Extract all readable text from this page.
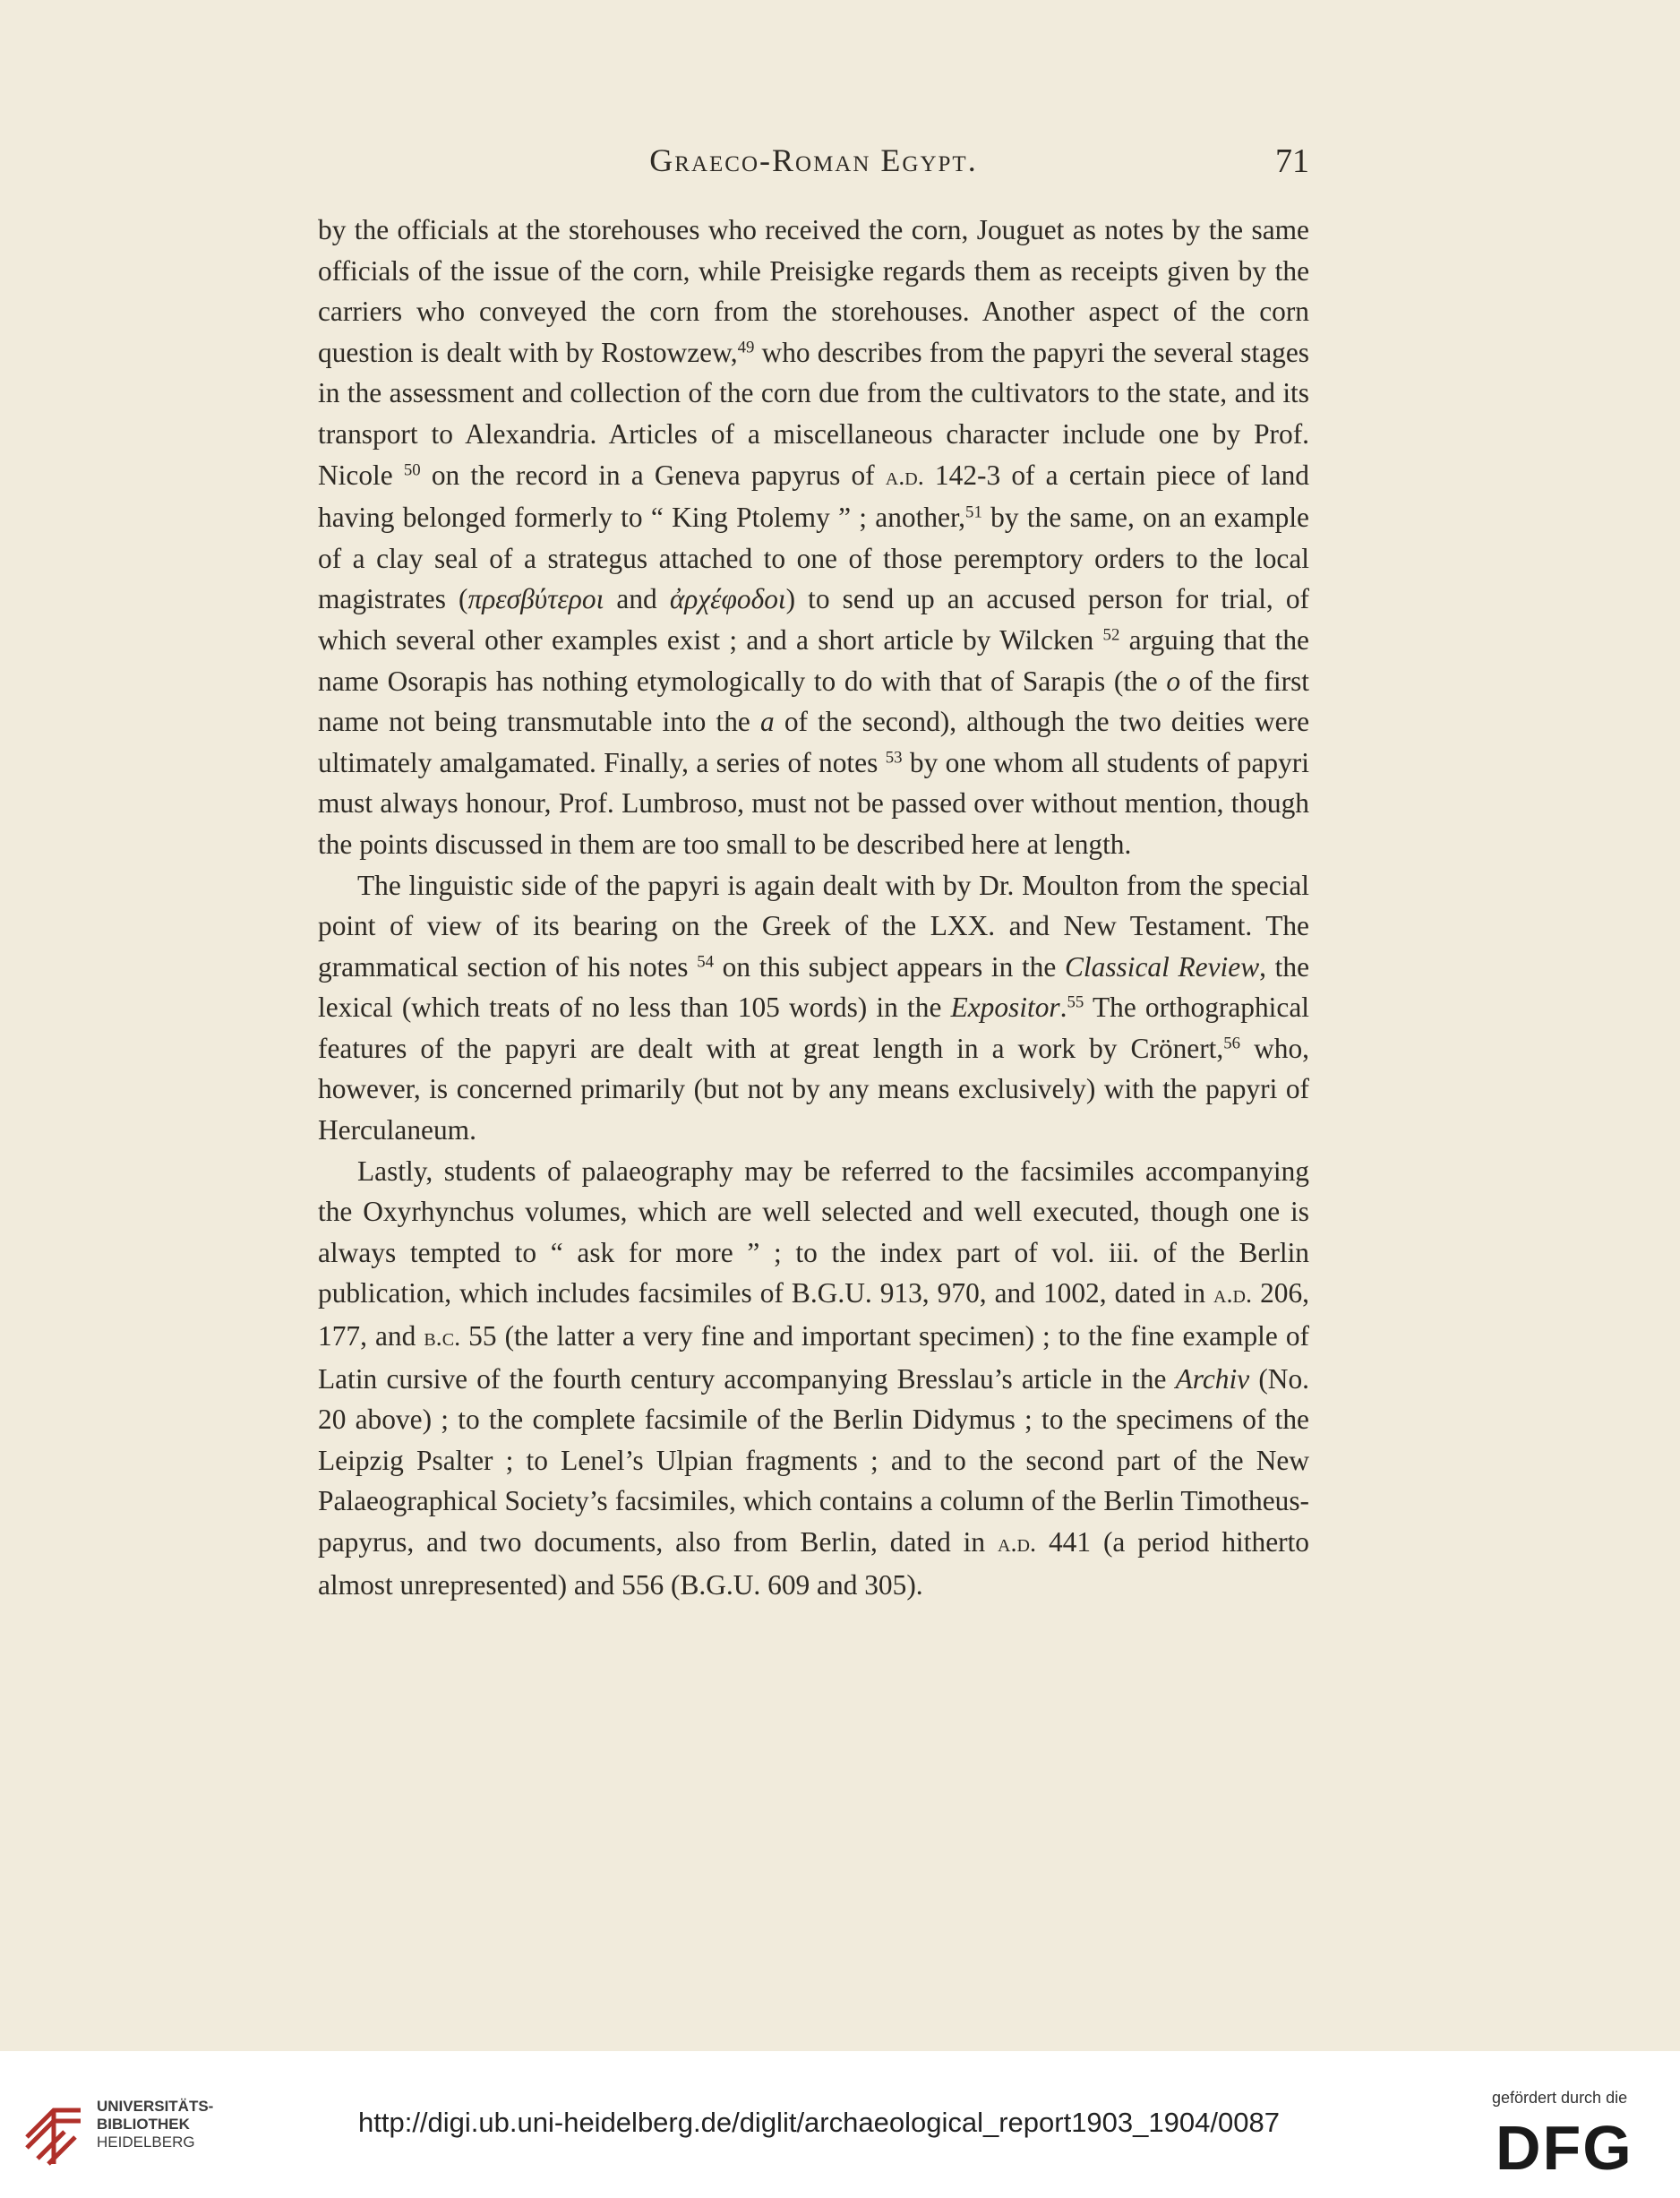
Graeco-Roman Egypt.	71

by the officials at the storehouses who received the corn, Jouguet as notes by the same officials of the issue of the corn, while Preisigke regards them as receipts given by the carriers who conveyed the corn from the storehouses. Another aspect of the corn question is dealt with by Rostowzew,$^{49}$ who describes from the papyri the several stages in the assessment and collection of the corn due from the cultivators to the state, and its transport to Alexandria. Articles of a miscellaneous character include one by Prof. Nicole $^{50}$ on the record in a Geneva papyrus of a.d. 142-3 of a certain piece of land having belonged formerly to “ King Ptolemy ” ; another,$^{51}$ by the same, on an example of a clay seal of a strategus attached to one of those peremptory orders to the local magistrates (πρεσβύτεροι and ἀρχέφοδοι) to send up an accused person for trial, of which several other examples exist ; and a short article by Wilcken $^{52}$ arguing that the name Osorapis has nothing etymologically to do with that of Sarapis (the o of the first name not being transmutable into the a of the second), although the two deities were ultimately amalgamated. Finally, a series of notes $^{53}$ by one whom all students of papyri must always honour, Prof. Lumbroso, must not be passed over without mention, though the points discussed in them are too small to be described here at length.

The linguistic side of the papyri is again dealt with by Dr. Moulton from the special point of view of its bearing on the Greek of the LXX. and New Testament. The grammatical section of his notes $^{54}$ on this subject appears in the Classical Review, the lexical (which treats of no less than 105 words) in the Expositor.$^{55}$ The orthographical features of the papyri are dealt with at great length in a work by Crönert,$^{56}$ who, however, is concerned primarily (but not by any means exclusively) with the papyri of Herculaneum.

Lastly, students of palaeography may be referred to the facsimiles accompanying the Oxyrhynchus volumes, which are well selected and well executed, though one is always tempted to “ ask for more ” ; to the index part of vol. iii. of the Berlin publication, which includes facsimiles of B.G.U. 913, 970, and 1002, dated in a.d. 206, 177, and b.c. 55 (the latter a very fine and important specimen) ; to the fine example of Latin cursive of the fourth century accompanying Bresslau’s article in the Archiv (No. 20 above) ; to the complete facsimile of the Berlin Didymus ; to the specimens of the Leipzig Psalter ; to Lenel’s Ulpian fragments ; and to the second part of the New Palaeographical Society’s facsimiles, which contains a column of the Berlin Timotheus-papyrus, and two documents, also from Berlin, dated in a.d. 441 (a period hitherto almost unrepresented) and 556 (B.G.U. 609 and 305).

UNIVERSITÄTS-
BIBLIOTHEK
HEIDELBERG
http://digi.ub.uni-heidelberg.de/diglit/archaeological_report1903_1904/0087
gefördert durch die
DFG
